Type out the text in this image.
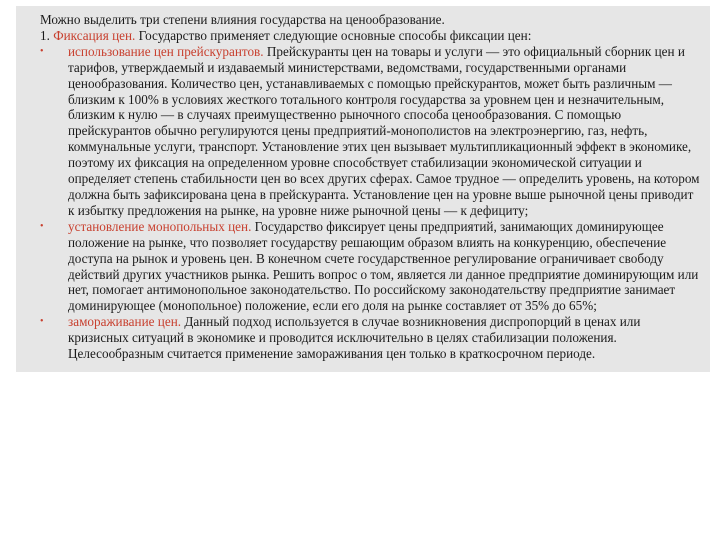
Можно выделить три степени влияния государства на ценообразование.

1. Фиксация цен. Государство применяет следующие основные способы фиксации цен:

• использование цен прейскурантов. Прейскуранты цен на товары и услуги — это официальный сборник цен и тарифов, утверждаемый и издаваемый министерствами, ведомствами, государственными органами ценообразования. Количество цен, устанавливаемых с помощью прейскурантов, может быть различным — близким к 100% в условиях жесткого тотального контроля государства за уровнем цен и незначительным, близким к нулю — в случаях преимущественно рыночного способа ценообразования. С помощью прейскурантов обычно регулируются цены предприятий-монополистов на электроэнергию, газ, нефть, коммунальные услуги, транспорт. Установление этих цен вызывает мультипликационный эффект в экономике, поэтому их фиксация на определенном уровне способствует стабилизации экономической ситуации и определяет степень стабильности цен во всех других сферах. Самое трудное — определить уровень, на котором должна быть зафиксирована цена в прейскуранта. Установление цен на уровне выше рыночной цены приводит к избытку предложения на рынке, на уровне ниже рыночной цены — к дефициту;
• установление монопольных цен. Государство фиксирует цены предприятий, занимающих доминирующее положение на рынке, что позволяет государству решающим образом влиять на конкуренцию, обеспечение доступа на рынок и уровень цен. В конечном счете государственное регулирование ограничивает свободу действий других участников рынка. Решить вопрос о том, является ли данное предприятие доминирующим или нет, помогает антимонопольное законодательство. По российскому законодательству предприятие занимает доминирующее (монопольное) положение, если его доля на рынке составляет от 35% до 65%;
• замораживание цен. Данный подход используется в случае возникновения диспропорций в ценах или кризисных ситуаций в экономике и проводится исключительно в целях стабилизации положения. Целесообразным считается применение замораживания цен только в краткосрочном периоде.
